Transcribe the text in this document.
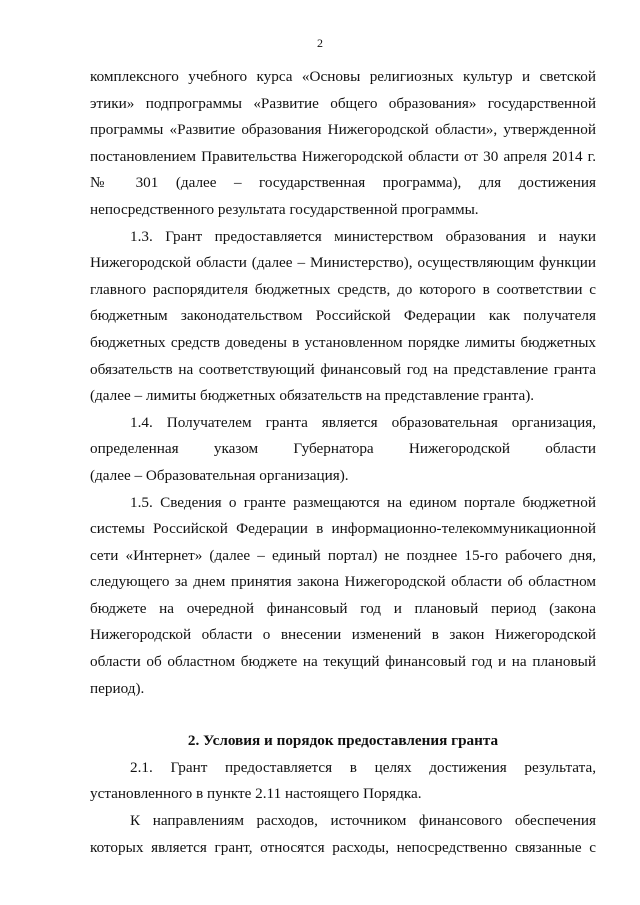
2

комплексного учебного курса «Основы религиозных культур и светской этики» подпрограммы «Развитие общего образования» государственной программы «Развитие образования Нижегородской области», утвержденной постановлением Правительства Нижегородской области от 30 апреля 2014 г.

№ 301 (далее – государственная программа), для достижения

непосредственного результата государственной программы.

1.3. Грант предоставляется министерством образования и науки Нижегородской области (далее – Министерство), осуществляющим функции главного распорядителя бюджетных средств, до которого в соответствии с бюджетным законодательством Российской Федерации как получателя бюджетных средств доведены в установленном порядке лимиты бюджетных обязательств на соответствующий финансовый год на представление гранта (далее – лимиты бюджетных обязательств на представление гранта).

1.4. Получателем гранта является образовательная организация,

определенная указом Губернатора Нижегородской области

(далее – Образовательная организация).

1.5. Сведения о гранте размещаются на едином портале бюджетной системы Российской Федерации в информационно-телекоммуникационной сети «Интернет» (далее – единый портал) не позднее 15-го рабочего дня, следующего за днем принятия закона Нижегородской области об областном бюджете на очередной финансовый год и плановый период (закона Нижегородской области о внесении изменений в закон Нижегородской области об областном бюджете на текущий финансовый год и на плановый период).

2. Условия и порядок предоставления гранта

2.1. Грант предоставляется в целях достижения результата, установленного в пункте 2.11 настоящего Порядка.

К направлениям расходов, источником финансового обеспечения которых является грант, относятся расходы, непосредственно связанные с
